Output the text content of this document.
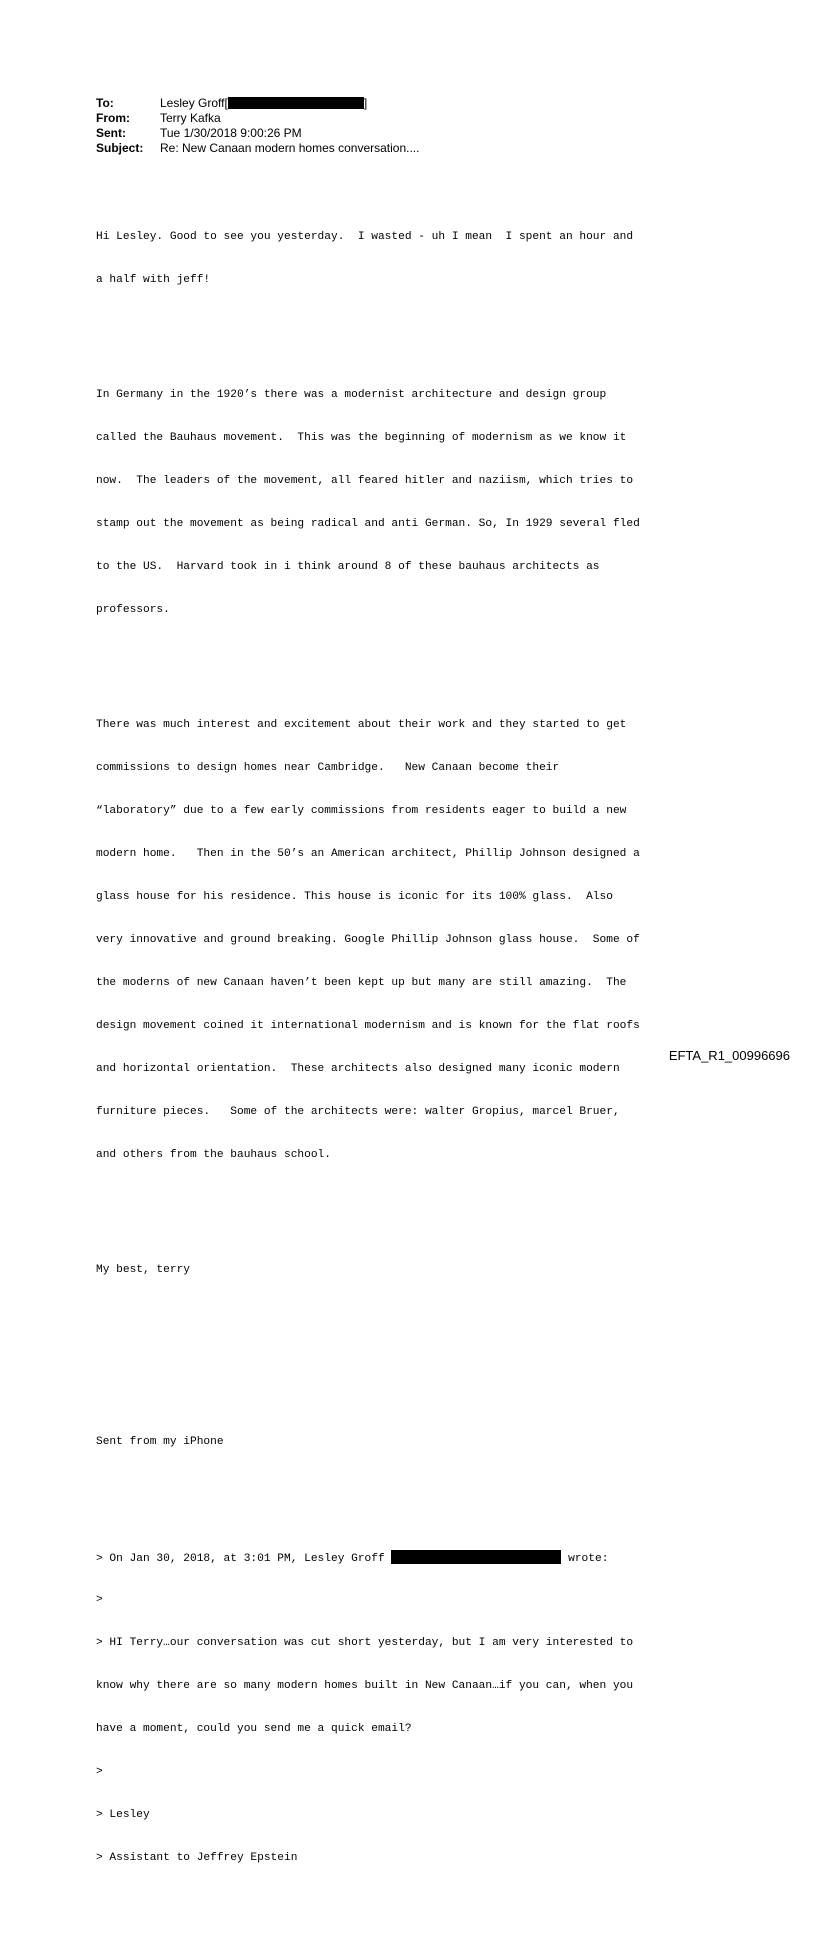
To:	Lesley Groff[	]
From:	Terry Kafka
Sent:	Tue 1/30/2018 9:00:26 PM
Subject:	Re: New Canaan modern homes conversation....

Hi Lesley. Good to see you yesterday.  I wasted - uh I mean  I spent an hour and

a half with jeff!

In Germany in the 1920’s there was a modernist architecture and design group

called the Bauhaus movement.  This was the beginning of modernism as we know it

now.  The leaders of the movement, all feared hitler and naziism, which tries to

stamp out the movement as being radical and anti German. So, In 1929 several fled

to the US.  Harvard took in i think around 8 of these bauhaus architects as

professors.

There was much interest and excitement about their work and they started to get

commissions to design homes near Cambridge.   New Canaan become their

“laboratory” due to a few early commissions from residents eager to build a new

modern home.   Then in the 50’s an American architect, Phillip Johnson designed a

glass house for his residence. This house is iconic for its 100% glass.  Also

very innovative and ground breaking. Google Phillip Johnson glass house.  Some of

the moderns of new Canaan haven’t been kept up but many are still amazing.  The

design movement coined it international modernism and is known for the flat roofs

and horizontal orientation.  These architects also designed many iconic modern

furniture pieces.   Some of the architects were: walter Gropius, marcel Bruer,

and others from the bauhaus school.

My best, terry

Sent from my iPhone

> On Jan 30, 2018, at 3:01 PM, Lesley Groff	wrote:

>

> HI Terry…our conversation was cut short yesterday, but I am very interested to

know why there are so many modern homes built in New Canaan…if you can, when you

have a moment, could you send me a quick email?

>

> Lesley

> Assistant to Jeffrey Epstein

EFTA_R1_00996696
